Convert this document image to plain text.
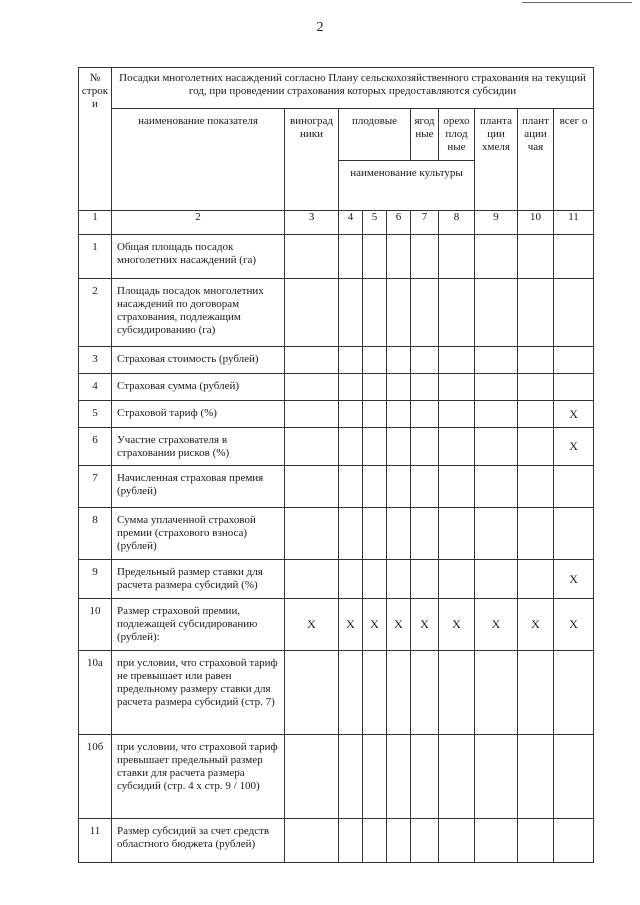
2
№ строк и	Посадки многолетних насаждений согласно Плану сельскохозяйственного страхования на текущий год, при проведении страхования которых предоставляются субсидии									
	наименование показателя	виноград ники	плодовые			ягод ные	орехо плод ные	планта ции хмеля	плант ации чая	всег о
			наименование культуры							
1	2	3	4	5	6	7	8	9	10	11
1	Общая площадь посадок многолетних насаждений (га)									
2	Площадь посадок многолетних насаждений по договорам страхования, подлежащим субсидированию (га)									
3	Страховая стоимость (рублей)									
4	Страховая сумма (рублей)									
5	Страховой тариф (%)									X
6	Участие страхователя в страховании рисков (%)									X
7	Начисленная страховая премия (рублей)									
8	Сумма уплаченной страховой премии (страхового взноса) (рублей)									
9	Предельный размер ставки для расчета размера субсидий (%)									X
10	Размер страховой премии, подлежащей субсидированию (рублей):	X	X	X	X	X	X	X	X	X
10а	при условии, что страховой тариф не превышает или равен предельному размеру ставки для расчета размера субсидий (стр. 7)									
10б	при условии, что страховой тариф превышает предельный размер ставки для расчета размера субсидий (стр. 4 x стр. 9 / 100)									
11	Размер субсидий за счет средств областного бюджета (рублей)									
